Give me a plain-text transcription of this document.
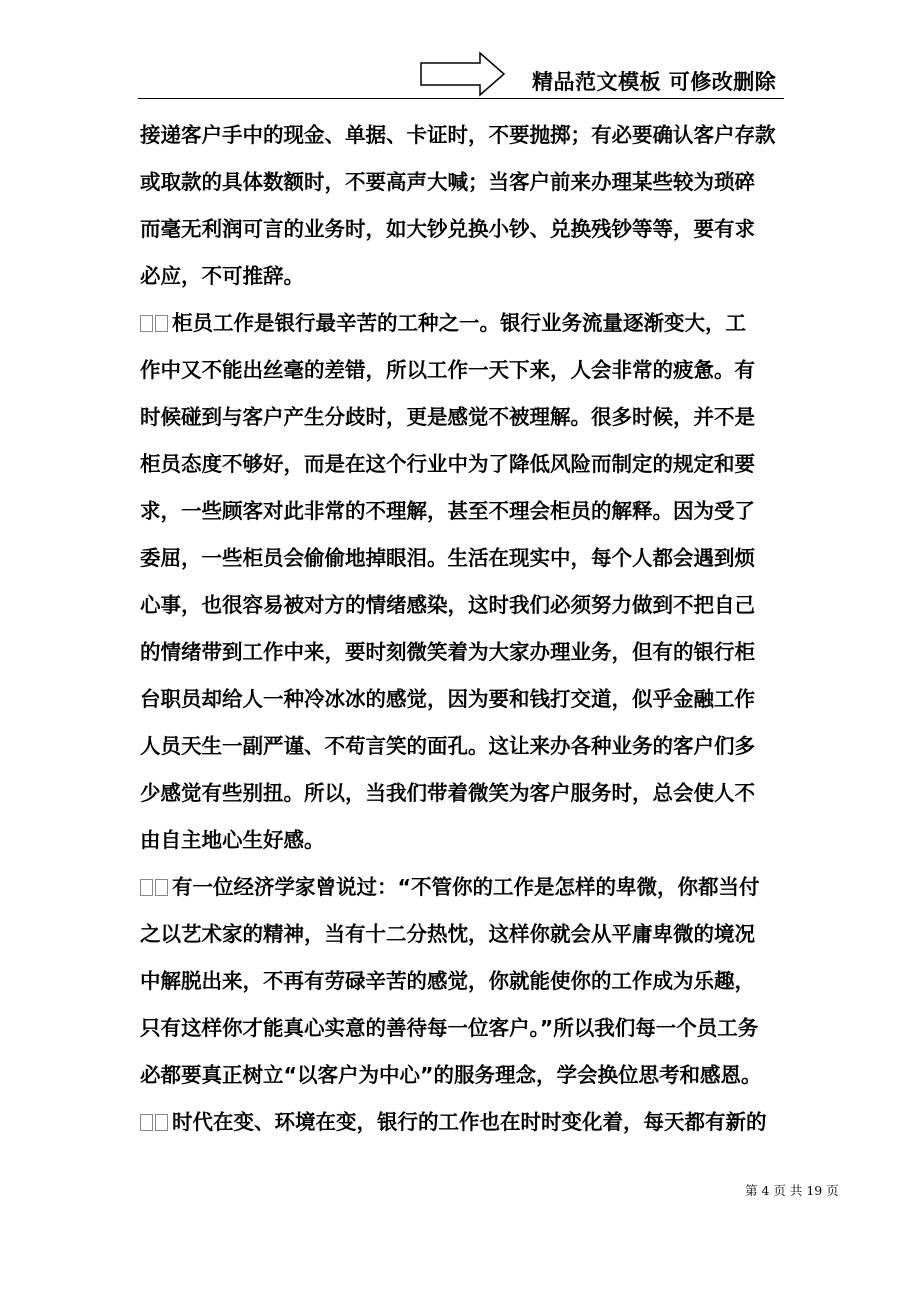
精品范文模板 可修改删除
接递客户手中的现金、单据、卡证时，不要抛掷；有必要确认客户存款
或取款的具体数额时，不要高声大喊；当客户前来办理某些较为琐碎
而毫无利润可言的业务时，如大钞兑换小钞、兑换残钞等等，要有求
必应，不可推辞。
柜员工作是银行最辛苦的工种之一。银行业务流量逐渐变大，工
作中又不能出丝毫的差错，所以工作一天下来，人会非常的疲惫。有
时候碰到与客户产生分歧时，更是感觉不被理解。很多时候，并不是
柜员态度不够好，而是在这个行业中为了降低风险而制定的规定和要
求，一些顾客对此非常的不理解，甚至不理会柜员的解释。因为受了
委屈，一些柜员会偷偷地掉眼泪。生活在现实中，每个人都会遇到烦
心事，也很容易被对方的情绪感染，这时我们必须努力做到不把自己
的情绪带到工作中来，要时刻微笑着为大家办理业务，但有的银行柜
台职员却给人一种冷冰冰的感觉，因为要和钱打交道，似乎金融工作
人员天生一副严谨、不苟言笑的面孔。这让来办各种业务的客户们多
少感觉有些别扭。所以，当我们带着微笑为客户服务时，总会使人不
由自主地心生好感。
有一位经济学家曾说过：“不管你的工作是怎样的卑微，你都当付
之以艺术家的精神，当有十二分热忱，这样你就会从平庸卑微的境况
中解脱出来，不再有劳碌辛苦的感觉，你就能使你的工作成为乐趣，
只有这样你才能真心实意的善待每一位客户。”所以我们每一个员工务
必都要真正树立“以客户为中心”的服务理念，学会换位思考和感恩。
时代在变、环境在变，银行的工作也在时时变化着，每天都有新的
第 4 页 共 19 页
